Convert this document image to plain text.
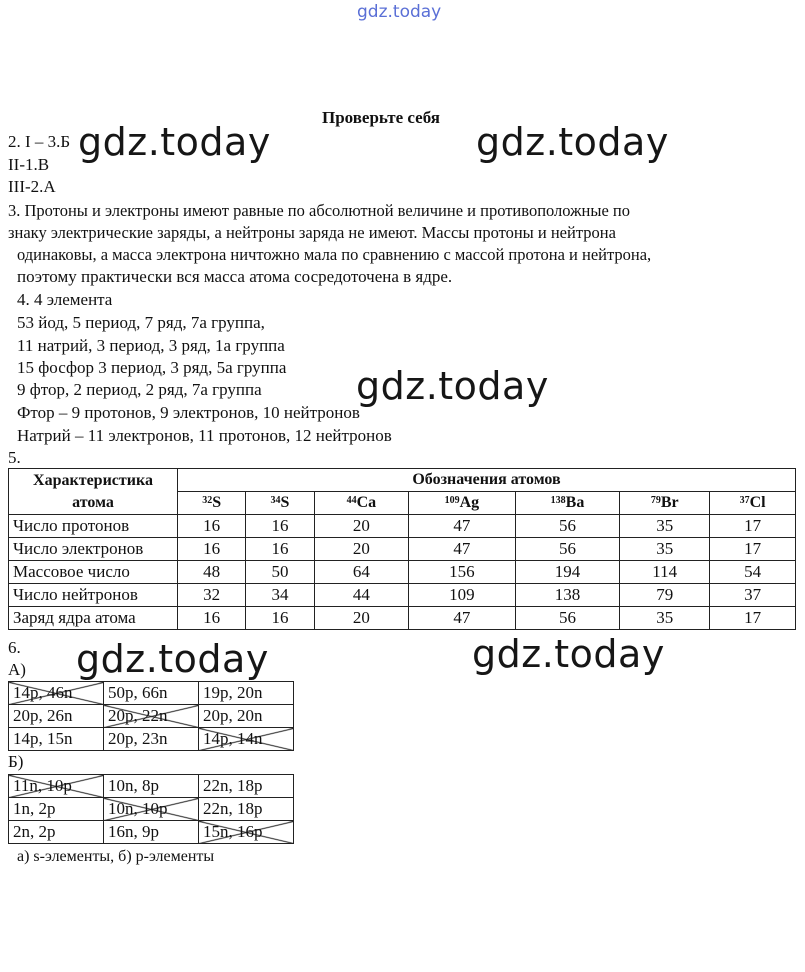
gdz.today
Проверьте себя
2. I – 3.Б
II-1.В
III-2.А
3. Протоны и электроны имеют равные по абсолютной величине и противоположные по
знаку электрические заряды, а нейтроны заряда не имеют. Массы протоны и нейтрона
одинаковы, а масса электрона ничтожно мала по сравнению с массой протона и нейтрона,
поэтому практически вся масса атома сосредоточена в ядре.
4. 4 элемента
53 йод, 5 период, 7 ряд, 7а группа,
11 натрий, 3 период, 3 ряд, 1а группа
15 фосфор 3 период, 3 ряд, 5а группа
9 фтор, 2 период, 2 ряд, 7а группа
Фтор – 9 протонов, 9 электронов, 10 нейтронов
Натрий – 11 электронов, 11 протонов, 12 нейтронов
5.
Характеристика атома	Обозначения атомов						
	$^{32}$S	$^{34}$S	$^{44}$Ca	$^{109}$Ag	$^{138}$Ba	$^{79}$Br	$^{37}$Cl
Число протонов	16	16	20	47	56	35	17
Число электронов	16	16	20	47	56	35	17
Массовое число	48	50	64	156	194	114	54
Число нейтронов	32	34	44	109	138	79	37
Заряд ядра атома	16	16	20	47	56	35	17
6.
А)
14p, 46n	50p, 66n	19p, 20n
20p, 26n	20p, 22n	20p, 20n
14p, 15n	20p, 23n	14p, 14n
Б)
11n, 10p	10n, 8p	22n, 18p
1n, 2p	10n, 10p	22n, 18p
2n, 2p	16n, 9p	15n, 16p
а) s-элементы, б) p-элементы
gdz.today	gdz.today
gdz.today
gdz.today	gdz.today
